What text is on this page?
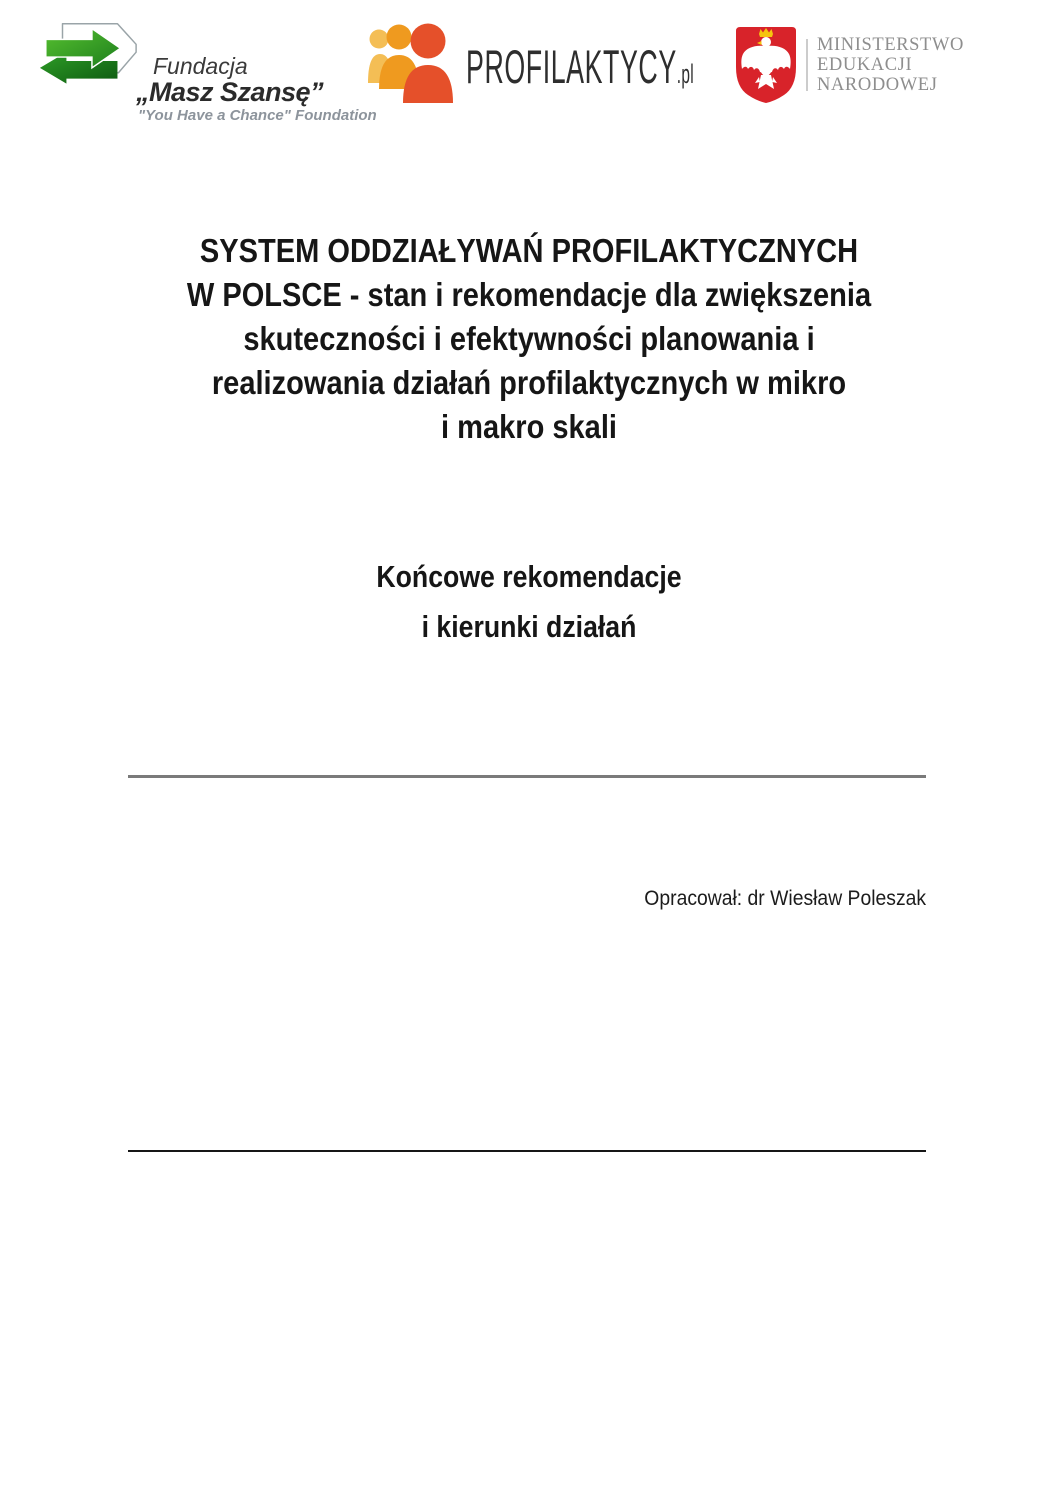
Fundacja
„Masz Szansę”
"You Have a Chance" Foundation
PROFILAKTYCY.pl
MINISTERSTWO
EDUKACJI
NARODOWEJ
SYSTEM ODDZIAŁYWAŃ PROFILAKTYCZNYCH
W POLSCE - stan i rekomendacje dla zwiększenia
skuteczności i efektywności planowania i
realizowania działań profilaktycznych w mikro
i makro skali
Końcowe rekomendacje
i kierunki działań
Opracował: dr Wiesław Poleszak
